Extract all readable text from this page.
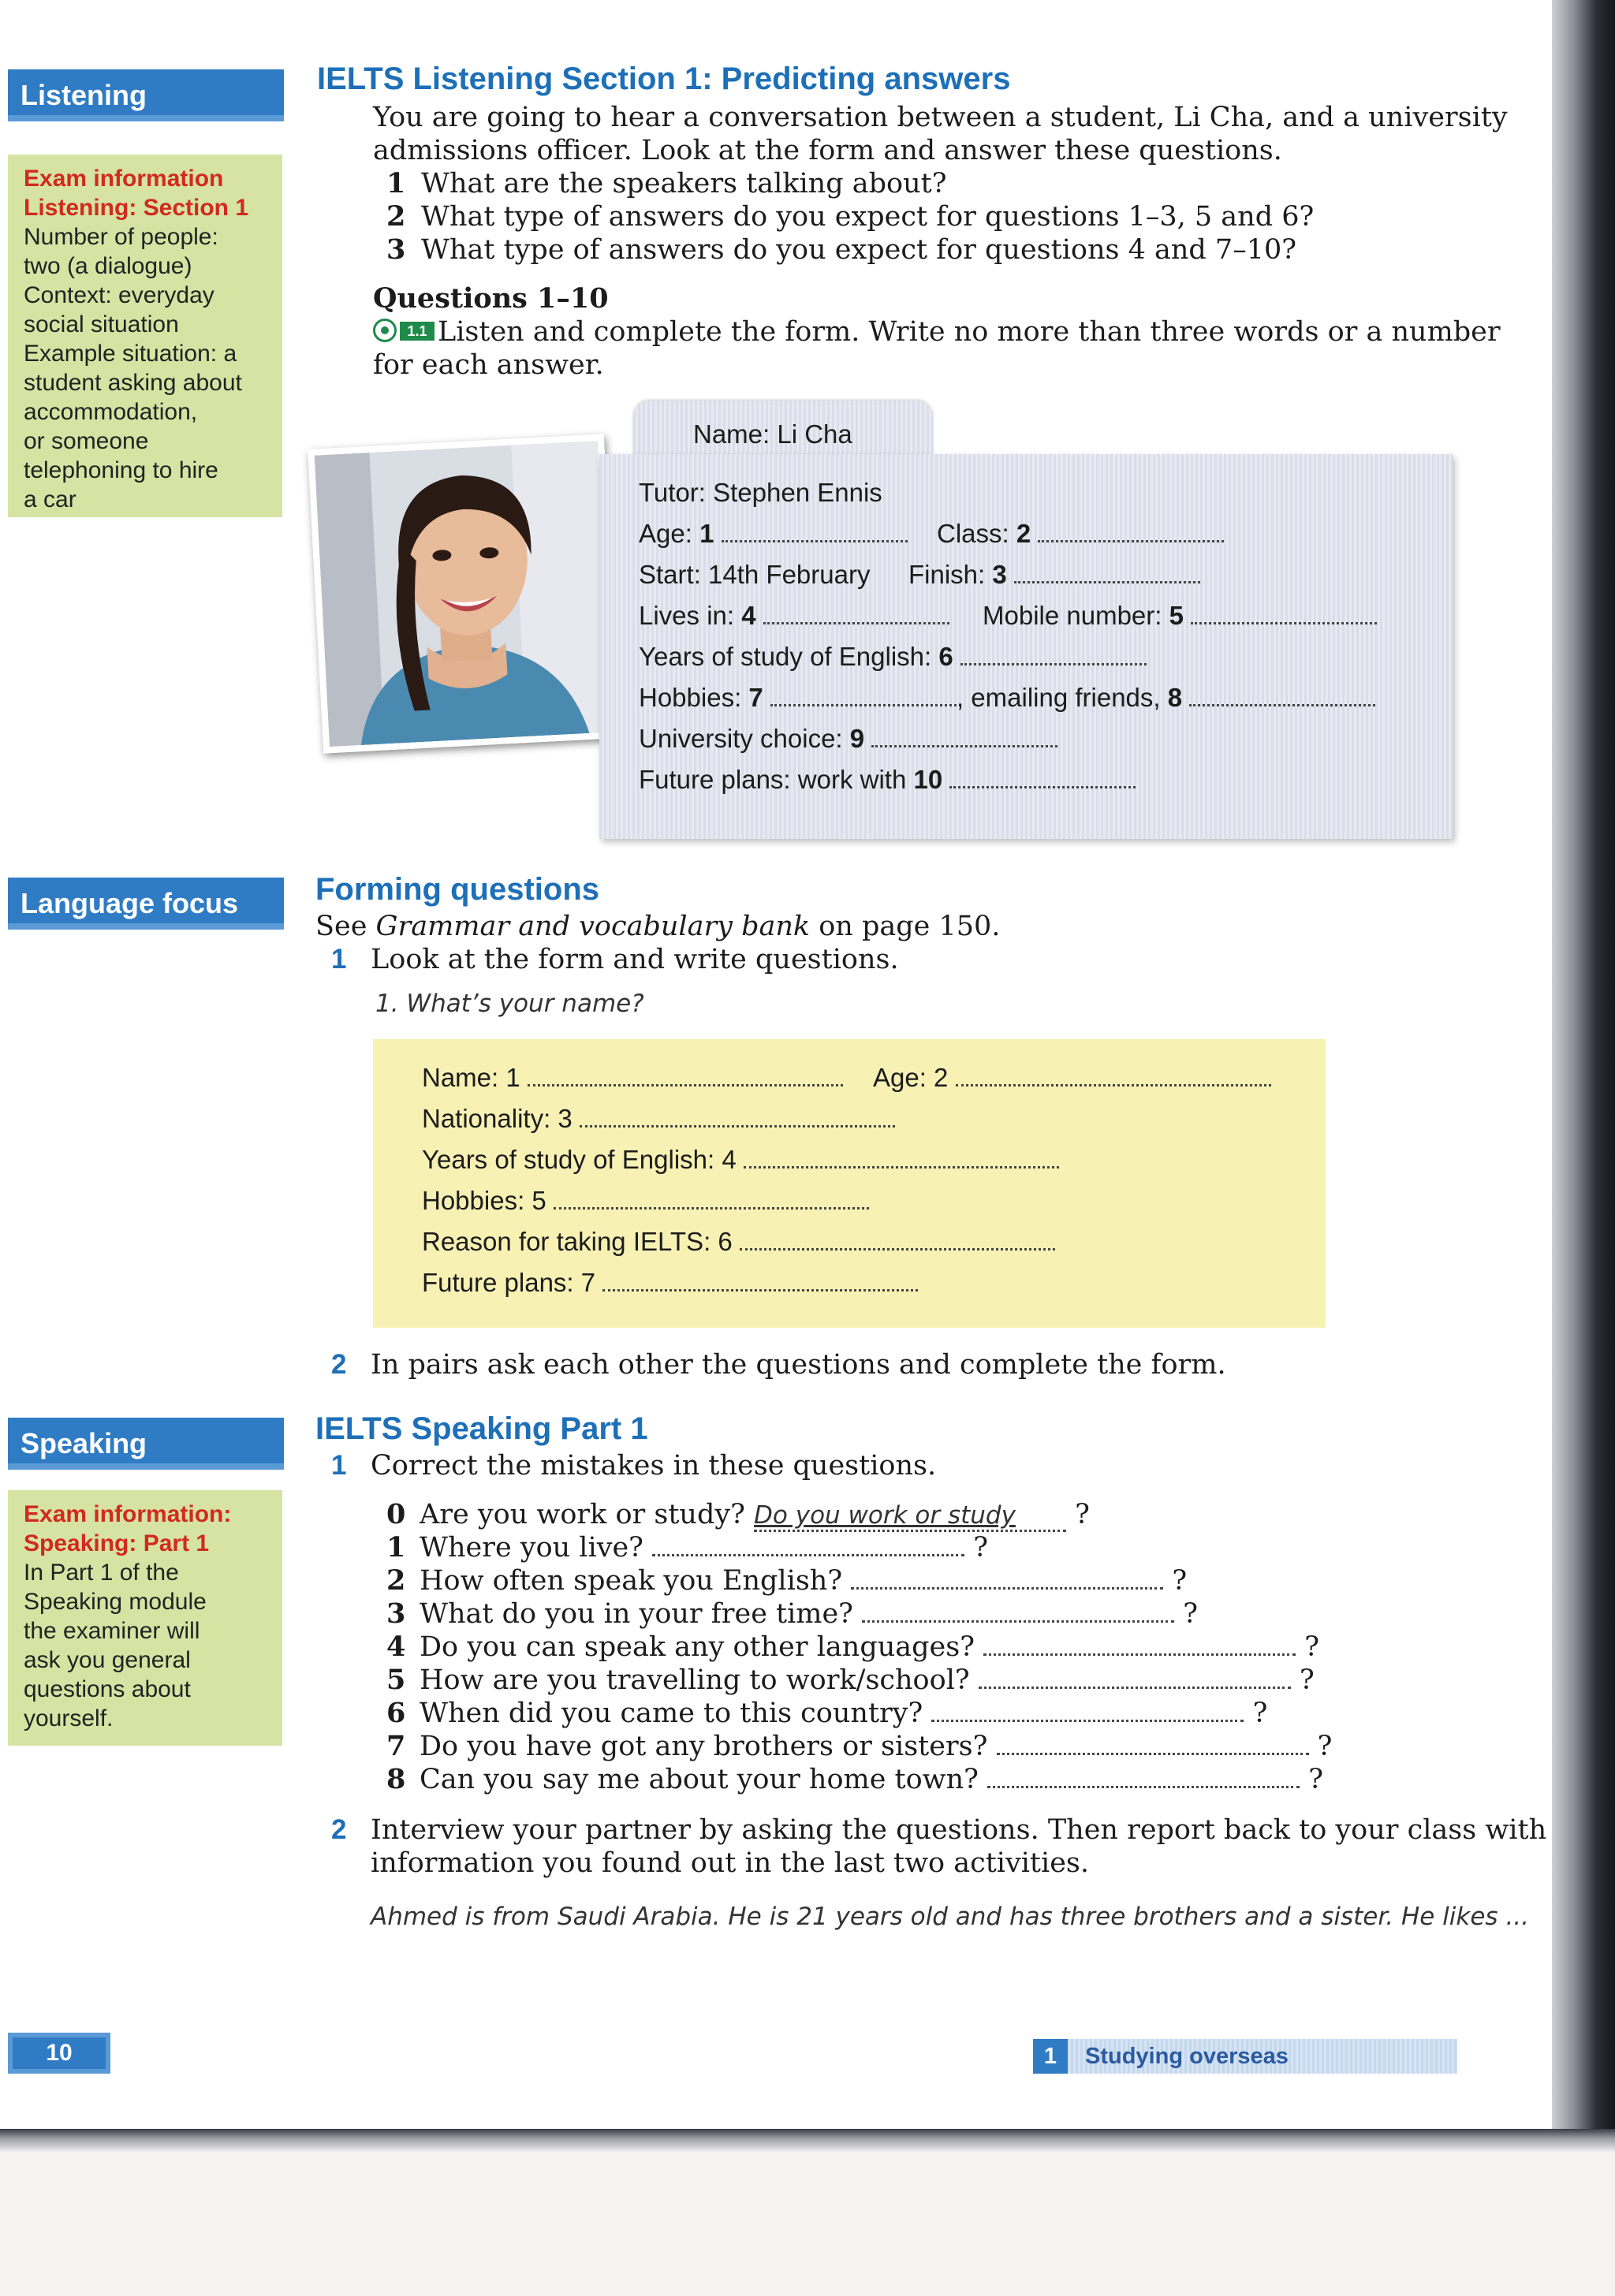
Listening
Exam information
Listening: Section 1
Number of people:
two (a dialogue)
Context: everyday
social situation
Example situation: a
student asking about
accommodation,
or someone
telephoning to hire
a car
Language focus
Speaking
Exam information:
Speaking: Part 1
In Part 1 of the
Speaking module
the examiner will
ask you general
questions about
yourself.
IELTS Listening Section 1: Predicting answers
You are going to hear a conversation between a student, Li Cha, and a university
admissions officer. Look at the form and answer these questions.
1 What are the speakers talking about?
2 What type of answers do you expect for questions 1–3, 5 and 6?
3 What type of answers do you expect for questions 4 and 7–10?
Questions 1–10
1.1 Listen and complete the form. Write no more than three words or a number
for each answer.
Name: Li Cha
Tutor: Stephen Ennis
Age: 1	Class: 2
Start: 14th February Finish: 3
Lives in: 4	Mobile number: 5
Years of study of English: 6
Hobbies: 7	, emailing friends, 8
University choice: 9
Future plans: work with 10
Forming questions
See Grammar and vocabulary bank on page 150.
1 Look at the form and write questions.
1. What’s your name?
Name: 1	Age: 2
Nationality: 3
Years of study of English: 4
Hobbies: 5
Reason for taking IELTS: 6
Future plans: 7
2 In pairs ask each other the questions and complete the form.
IELTS Speaking Part 1
1 Correct the mistakes in these questions.
0 Are you work or study? Do you work or study ?
1 Where you live?	?
2 How often speak you English?	?
3 What do you in your free time?	?
4 Do you can speak any other languages?	?
5 How are you travelling to work/school?	?
6 When did you came to this country?	?
7 Do you have got any brothers or sisters?	?
8 Can you say me about your home town?	?
2 Interview your partner by asking the questions. Then report back to your class with
information you found out in the last two activities.
Ahmed is from Saudi Arabia. He is 21 years old and has three brothers and a sister. He likes ...
10	1	Studying overseas
